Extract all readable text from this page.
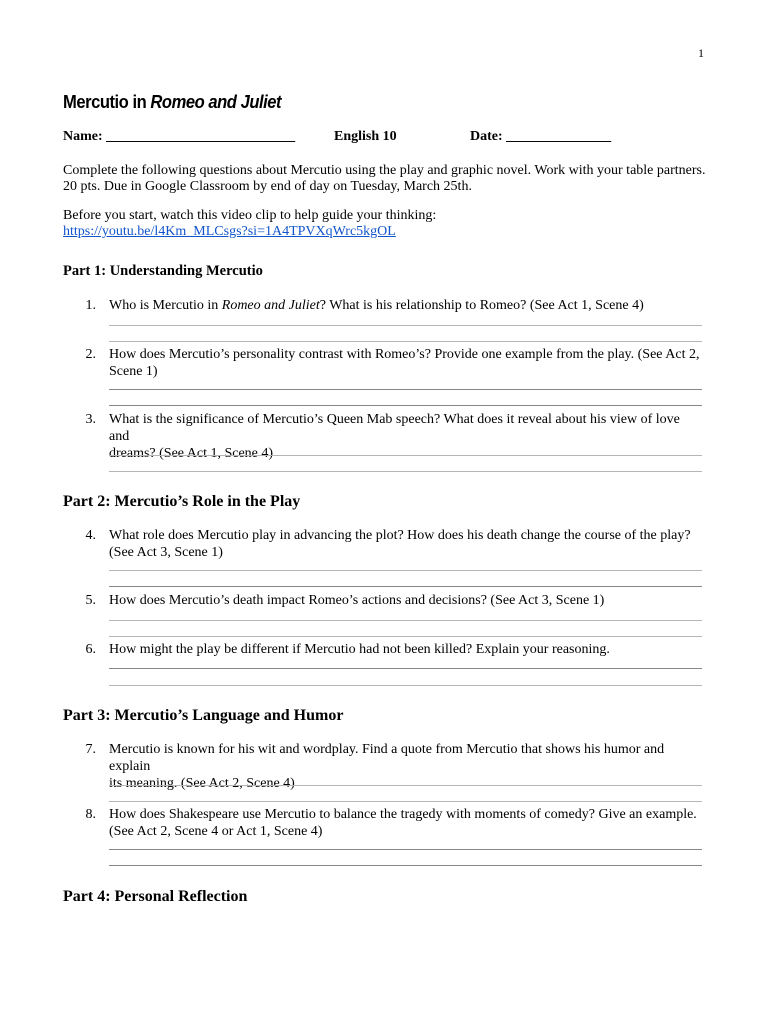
1
Mercutio in Romeo and Juliet
Name: ___________________________	English 10	Date: _______________
Complete the following questions about Mercutio using the play and graphic novel. Work with your table partners.
20 pts. Due in Google Classroom by end of day on Tuesday, March 25th.
Before you start, watch this video clip to help guide your thinking:
https://youtu.be/l4Km_MLCsgs?si=1A4TPVXqWrc5kgOL
Part 1: Understanding Mercutio
1. Who is Mercutio in Romeo and Juliet? What is his relationship to Romeo? (See Act 1, Scene 4)
2. How does Mercutio’s personality contrast with Romeo’s? Provide one example from the play. (See Act 2,
Scene 1)
3. What is the significance of Mercutio’s Queen Mab speech? What does it reveal about his view of love and
dreams? (See Act 1, Scene 4)
Part 2: Mercutio’s Role in the Play
4. What role does Mercutio play in advancing the plot? How does his death change the course of the play?
(See Act 3, Scene 1)
5. How does Mercutio’s death impact Romeo’s actions and decisions? (See Act 3, Scene 1)
6. How might the play be different if Mercutio had not been killed? Explain your reasoning.
Part 3: Mercutio’s Language and Humor
7. Mercutio is known for his wit and wordplay. Find a quote from Mercutio that shows his humor and explain
its meaning. (See Act 2, Scene 4)
8. How does Shakespeare use Mercutio to balance the tragedy with moments of comedy? Give an example.
(See Act 2, Scene 4 or Act 1, Scene 4)
Part 4: Personal Reflection
